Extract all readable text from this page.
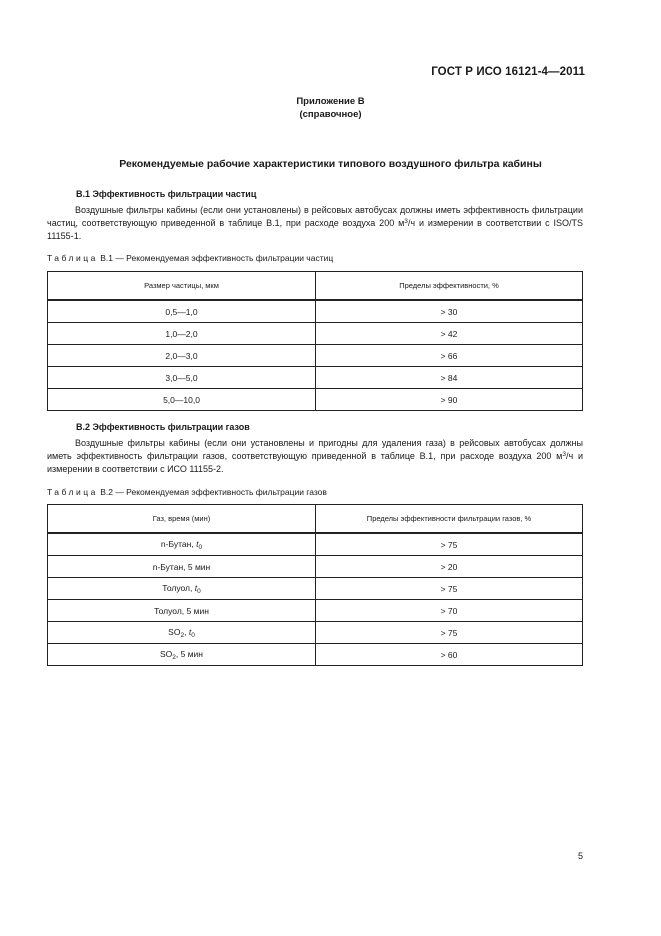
ГОСТ Р ИСО 16121-4—2011
Приложение В
(справочное)
Рекомендуемые рабочие характеристики типового воздушного фильтра кабины
В.1 Эффективность фильтрации частиц
Воздушные фильтры кабины (если они установлены) в рейсовых автобусах должны иметь эффективность фильтрации частиц, соответствующую приведенной в таблице В.1, при расходе воздуха 200 $м^3/ч$ и измерении в соответствии с ISO/TS 11155-1.
Таблица В.1 — Рекомендуемая эффективность фильтрации частиц
Размер частицы, мкм	Пределы эффективности, %
0,5—1,0	> 30
1,0—2,0	> 42
2,0—3,0	> 66
3,0—5,0	> 84
5,0—10,0	> 90
В.2 Эффективность фильтрации газов
Воздушные фильтры кабины (если они установлены и пригодны для удаления газа) в рейсовых автобусах должны иметь эффективность фильтрации газов, соответствующую приведенной в таблице В.1, при расходе воздуха 200 $м^3/ч$ и измерении в соответствии с ИСО 11155-2.
Таблица В.2 — Рекомендуемая эффективность фильтрации газов
Газ, время (мин)	Пределы эффективности фильтрации газов, %
n-Бутан, $t_0$	> 75
n-Бутан, 5 мин	> 20
Толуол, $t_0$	> 75
Толуол, 5 мин	> 70
$SO_2$, $t_0$	> 75
$SO_2$, 5 мин	> 60
5
